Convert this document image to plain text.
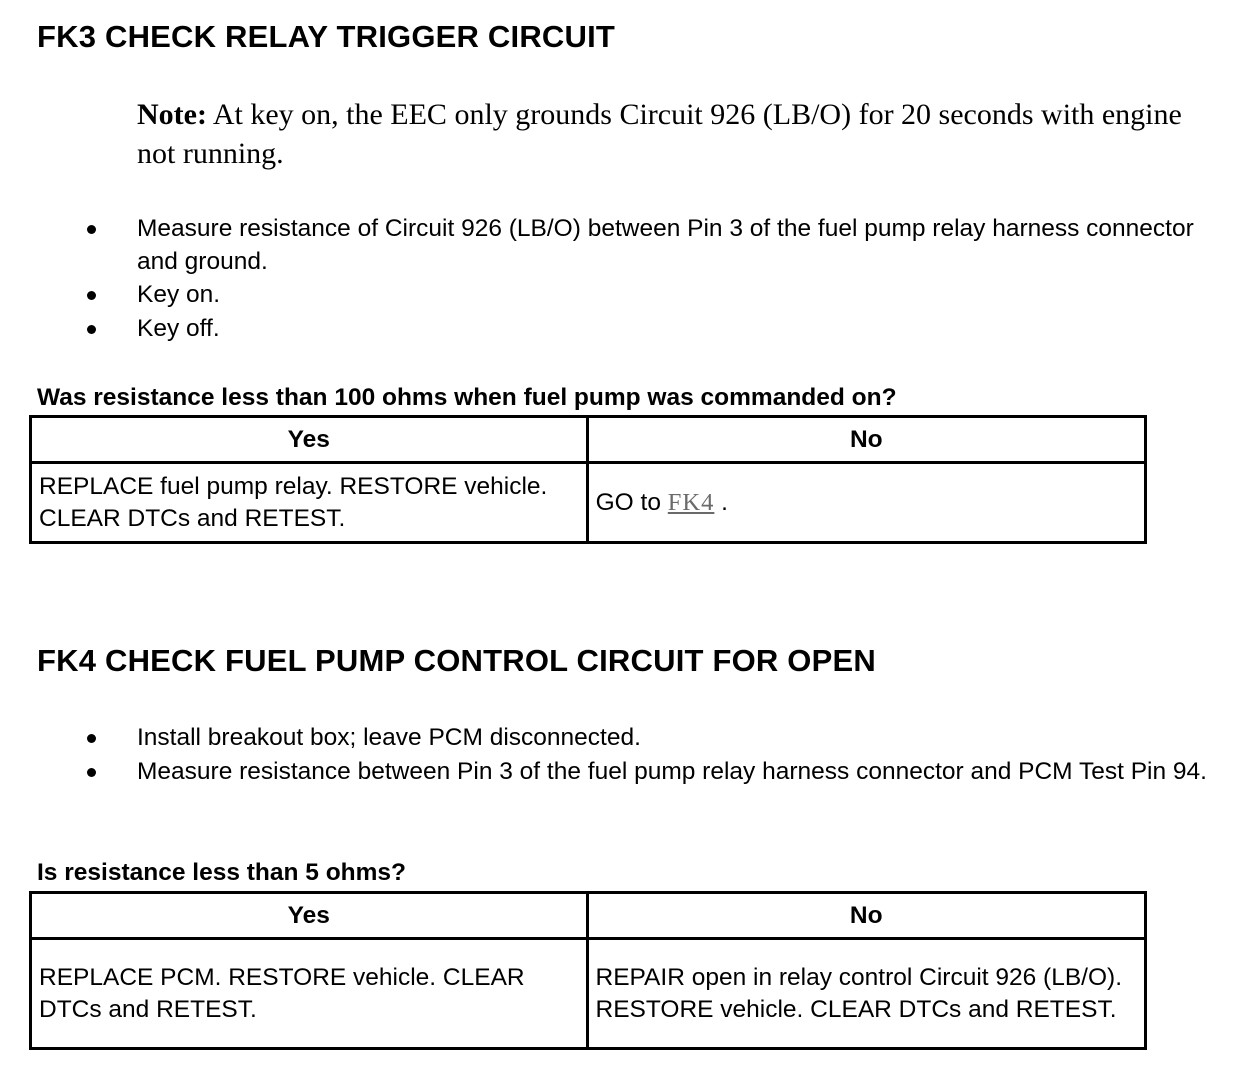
FK3 CHECK RELAY TRIGGER CIRCUIT

Note: At key on, the EEC only grounds Circuit 926 (LB/O) for 20 seconds with engine not running.

Measure resistance of Circuit 926 (LB/O) between Pin 3 of the fuel pump relay harness connector and ground.
Key on.
Key off.

Was resistance less than 100 ohms when fuel pump was commanded on?

Yes	No
REPLACE fuel pump relay. RESTORE vehicle. CLEAR DTCs and RETEST.	GO to FK4 .
FK4 CHECK FUEL PUMP CONTROL CIRCUIT FOR OPEN
Install breakout box; leave PCM disconnected.
Measure resistance between Pin 3 of the fuel pump relay harness connector and PCM Test Pin 94.

Is resistance less than 5 ohms?

Yes	No
REPLACE PCM. RESTORE vehicle. CLEAR DTCs and RETEST.	REPAIR open in relay control Circuit 926 (LB/O). RESTORE vehicle. CLEAR DTCs and RETEST.
